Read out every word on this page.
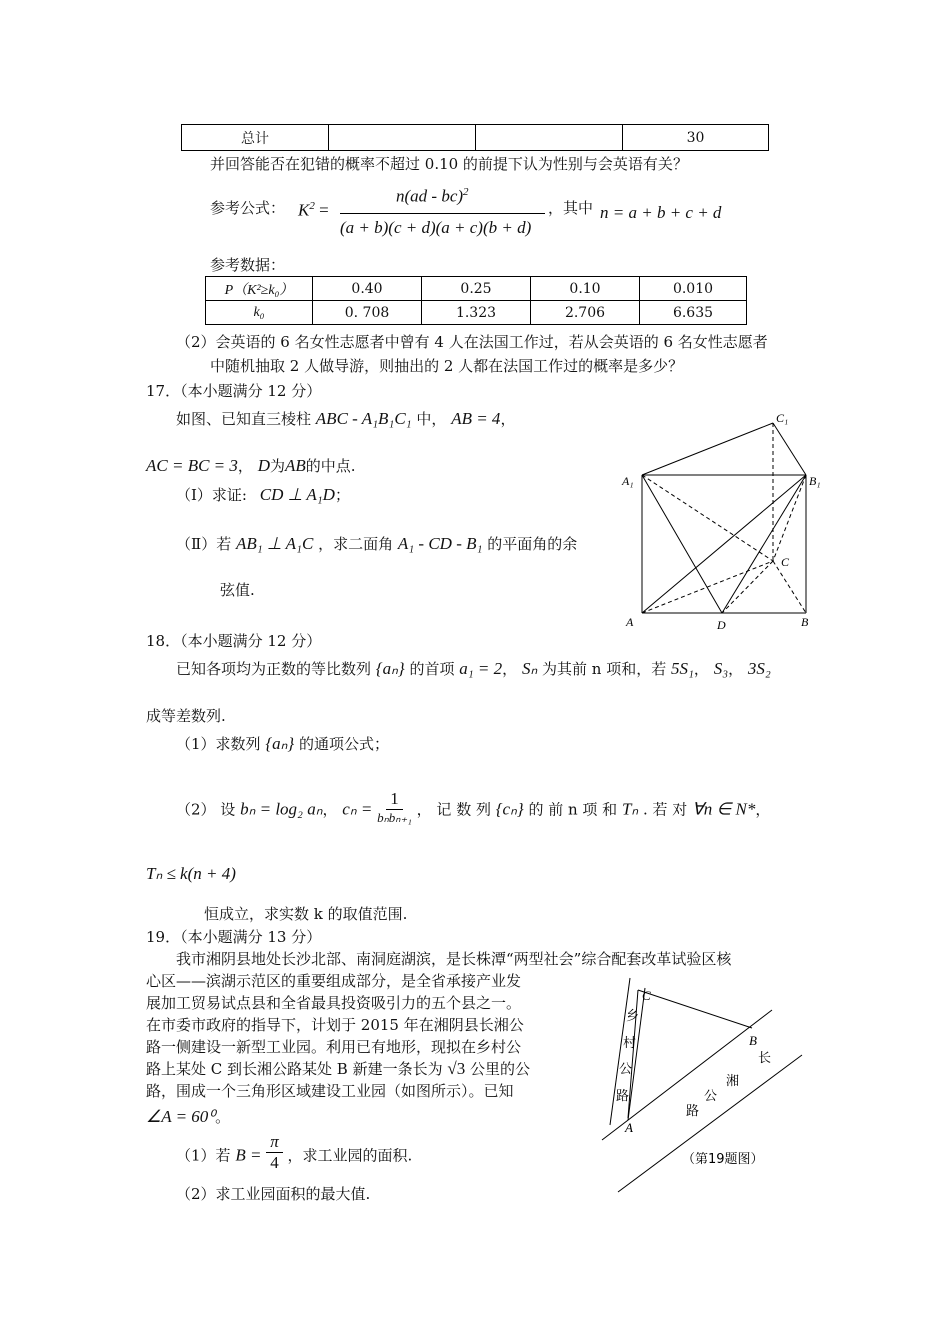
总计			30
并回答能否在犯错的概率不超过 0.10 的前提下认为性别与会英语有关？
参考公式： $K^2$ =
n(ad - bc)$^2$
(a + b)(c + d)(a + c)(b + d)
，其中 n = a + b + c + d
参考数据：
P（K²≥k₀）	0.40	0.25	0.10	0.010
k₀	0. 708	1.323	2.706	6.635
（2）会英语的 6 名女性志愿者中曾有 4 人在法国工作过，若从会英语的 6 名女性志愿者
中随机抽取 2 人做导游，则抽出的 2 人都在法国工作过的概率是多少？
17．（本小题满分 12 分）
如图、已知直三棱柱 ABC - A₁B₁C₁ 中， AB = 4，
AC = BC = 3， D为AB的中点.
（Ⅰ）求证: CD ⊥ A₁D；
（Ⅱ）若 AB₁ ⊥ A₁C ，求二面角 A₁ - CD - B₁ 的平面角的余
弦值.
C₁
A₁	B₁
C
A	D	B
18．（本小题满分 12 分）
已知各项均为正数的等比数列 {aₙ} 的首项 a₁ = 2， Sₙ 为其前 n 项和，若 5S₁， S₃， 3S₂
成等差数列.
（1）求数列 {aₙ} 的通项公式；
（2） 设 bₙ = log₂ aₙ， $c_n = \frac{1}{\text{bₙbₙ₊₁}}$ ， 记 数 列 {cₙ} 的 前 n 项 和 Tₙ . 若 对 ∀n ∈ N*，
Tₙ ≤ k(n + 4)
恒成立，求实数 k 的取值范围.
19．（本小题满分 13 分）
我市湘阴县地处长沙北部、南洞庭湖滨，是长株潭“两型社会”综合配套改革试验区核
心区——滨湖示范区的重要组成部分，是全省承接产业发
展加工贸易试点县和全省最具投资吸引力的五个县之一。
在市委市政府的指导下，计划于 2015 年在湘阴县长湘公
路一侧建设一新型工业园。利用已有地形，现拟在乡村公
路上某处 C 到长湘公路某处 B 新建一条长为 √3 公里的公
路，围成一个三角形区域建设工业园（如图所示）。已知
∠A = 60⁰。
（1）若 $B = \frac{\pi}{4}$ ，求工业园的面积.
（2）求工业园面积的最大值.
C
B
A
乡
村
公
路
长
湘
公
路
（第19题图）
